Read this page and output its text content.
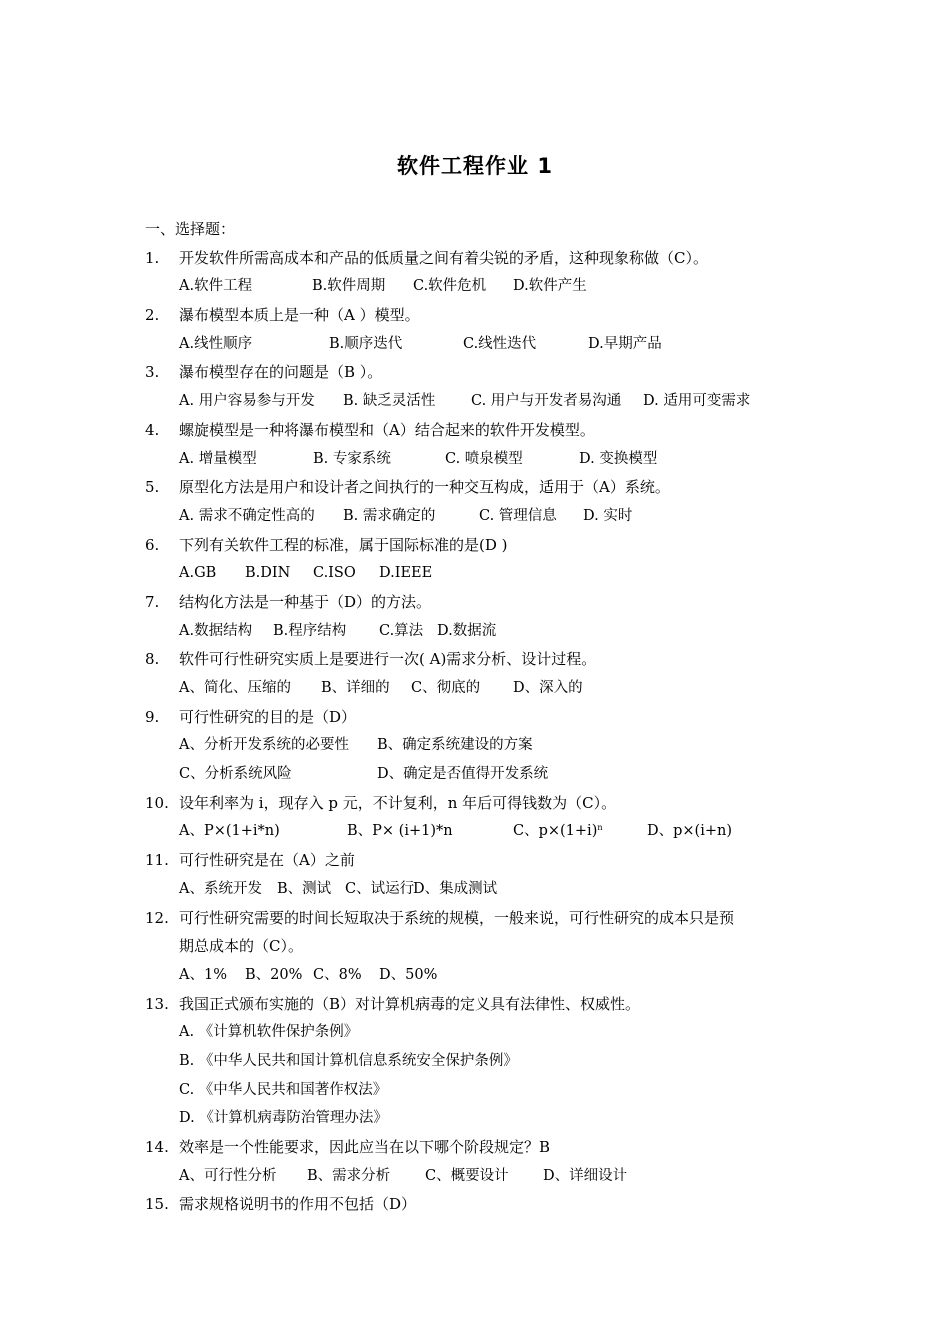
软件工程作业 1
一、选择题：
1.	开发软件所需高成本和产品的低质量之间有着尖锐的矛盾，这种现象称做（C）。
A.软件工程	B.软件周期 C.软件危机 D.软件产生
2.	瀑布模型本质上是一种（A ）模型。
A.线性顺序	B.顺序迭代	C.线性迭代	D.早期产品
3.	瀑布模型存在的问题是（B ）。
A. 用户容易参与开发 B. 缺乏灵活性 C. 用户与开发者易沟通 D. 适用可变需求
4.	螺旋模型是一种将瀑布模型和（A）结合起来的软件开发模型。
A. 增量模型	B. 专家系统	C. 喷泉模型	D. 变换模型
5.	原型化方法是用户和设计者之间执行的一种交互构成，适用于（A）系统。
A. 需求不确定性高的 B. 需求确定的	C. 管理信息 D. 实时
6.	下列有关软件工程的标准，属于国际标准的是(D )
A.GB B.DIN C.ISO D.IEEE
7.	结构化方法是一种基于（D）的方法。
A.数据结构 B.程序结构 C.算法 D.数据流
8.	软件可行性研究实质上是要进行一次( A)需求分析、设计过程。
A、简化、压缩的 B、详细的 C、彻底的 D、深入的
9.	可行性研究的目的是（D）
A、分析开发系统的必要性 B、确定系统建设的方案
C、分析系统风险	D、确定是否值得开发系统
10. 设年利率为 i，现存入 p 元，不计复利，n 年后可得钱数为（C）。
A、P×(1+i*n)	B、P× (i+1)*n	C、p×(1+i)n	D、p×(i+n)
11. 可行性研究是在（A）之前
A、系统开发 B、测试 C、试运行
D、集成测试
12. 可行性研究需要的时间长短取决于系统的规模，一般来说，可行性研究的成本只是预
期总成本的（C）。
A、1% B、20% C、8% D、50%
13. 我国正式颁布实施的（B）对计算机病毒的定义具有法律性、权威性。
A. 《计算机软件保护条例》
B. 《中华人民共和国计算机信息系统安全保护条例》
C. 《中华人民共和国著作权法》
D. 《计算机病毒防治管理办法》
14. 效率是一个性能要求，因此应当在以下哪个阶段规定？B
A、可行性分析 B、需求分析 C、概要设计 D、详细设计
15. 需求规格说明书的作用不包括（D）
